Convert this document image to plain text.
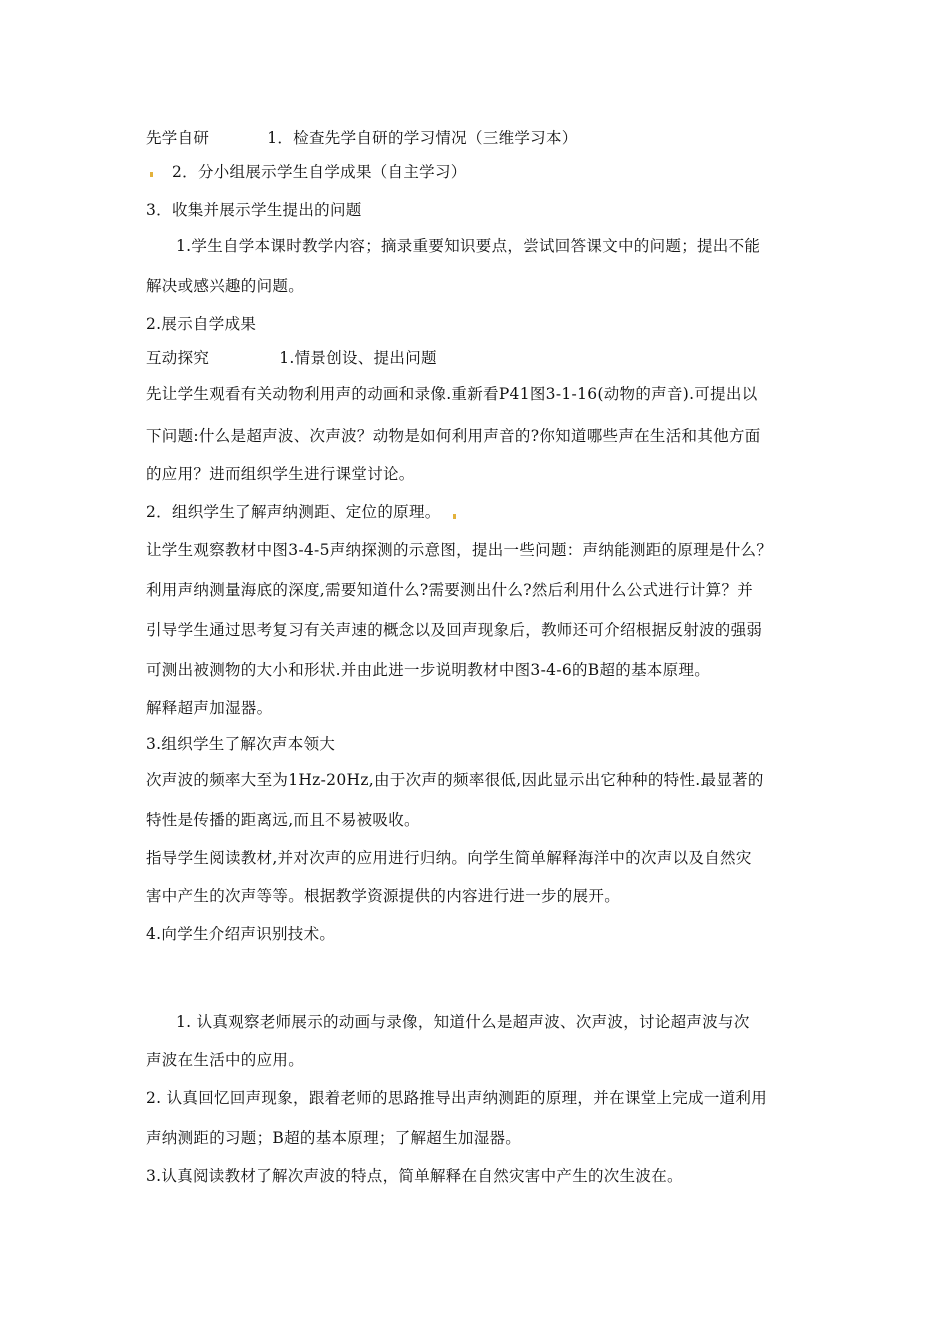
先学自研	1．检查先学自研的学习情况（三维学习本）
2．分小组展示学生自学成果（自主学习）
3．收集并展示学生提出的问题
1.学生自学本课时教学内容；摘录重要知识要点，尝试回答课文中的问题；提出不能
解决或感兴趣的问题。
2.展示自学成果
互动探究	1.情景创设、提出问题
先让学生观看有关动物利用声的动画和录像.重新看P41图3-1-16(动物的声音).可提出以
下问题:什么是超声波、次声波？动物是如何利用声音的?你知道哪些声在生活和其他方面
的应用？进而组织学生进行课堂讨论。
2．组织学生了解声纳测距、定位的原理。
让学生观察教材中图3-4-5声纳探测的示意图，提出一些问题：声纳能测距的原理是什么？
利用声纳测量海底的深度,需要知道什么?需要测出什么?然后利用什么公式进行计算？并
引导学生通过思考复习有关声速的概念以及回声现象后，教师还可介绍根据反射波的强弱
可测出被测物的大小和形状.并由此进一步说明教材中图3-4-6的B超的基本原理。
解释超声加湿器。
3.组织学生了解次声本领大
次声波的频率大至为1Hz-20Hz,由于次声的频率很低,因此显示出它种种的特性.最显著的
特性是传播的距离远,而且不易被吸收。
指导学生阅读教材,并对次声的应用进行归纳。向学生简单解释海洋中的次声以及自然灾
害中产生的次声等等。根据教学资源提供的内容进行进一步的展开。
4.向学生介绍声识别技术。
1. 认真观察老师展示的动画与录像，知道什么是超声波、次声波，讨论超声波与次
声波在生活中的应用。
2. 认真回忆回声现象，跟着老师的思路推导出声纳测距的原理，并在课堂上完成一道利用
声纳测距的习题；B超的基本原理；了解超生加湿器。
3.认真阅读教材了解次声波的特点，简单解释在自然灾害中产生的次生波在。
